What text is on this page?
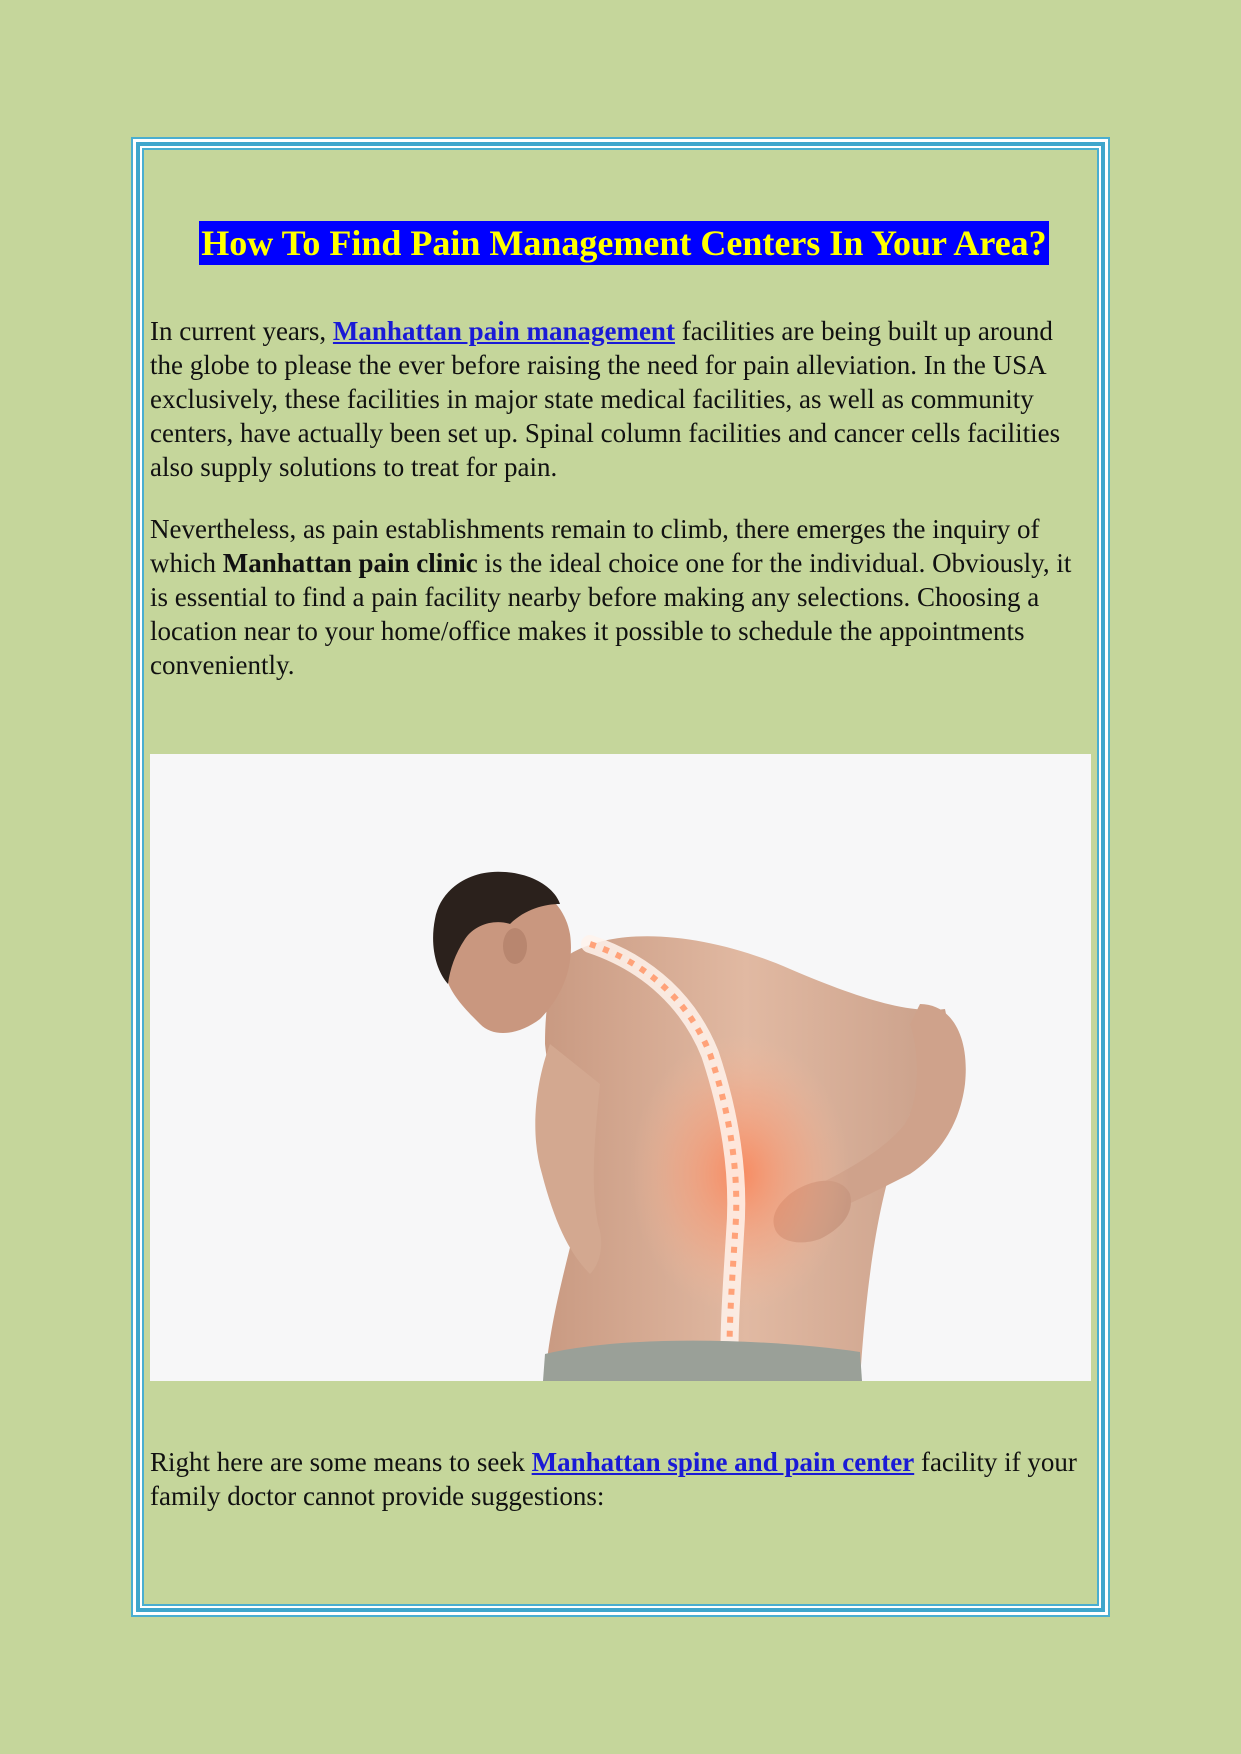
How To Find Pain Management Centers In Your Area?

In current years, Manhattan pain management facilities are being built up around the globe to please the ever before raising the need for pain alleviation. In the USA exclusively, these facilities in major state medical facilities, as well as community centers, have actually been set up. Spinal column facilities and cancer cells facilities also supply solutions to treat for pain.

Nevertheless, as pain establishments remain to climb, there emerges the inquiry of which Manhattan pain clinic is the ideal choice one for the individual. Obviously, it is essential to find a pain facility nearby before making any selections. Choosing a location near to your home/office makes it possible to schedule the appointments conveniently.

Right here are some means to seek Manhattan spine and pain center facility if your family doctor cannot provide suggestions:
